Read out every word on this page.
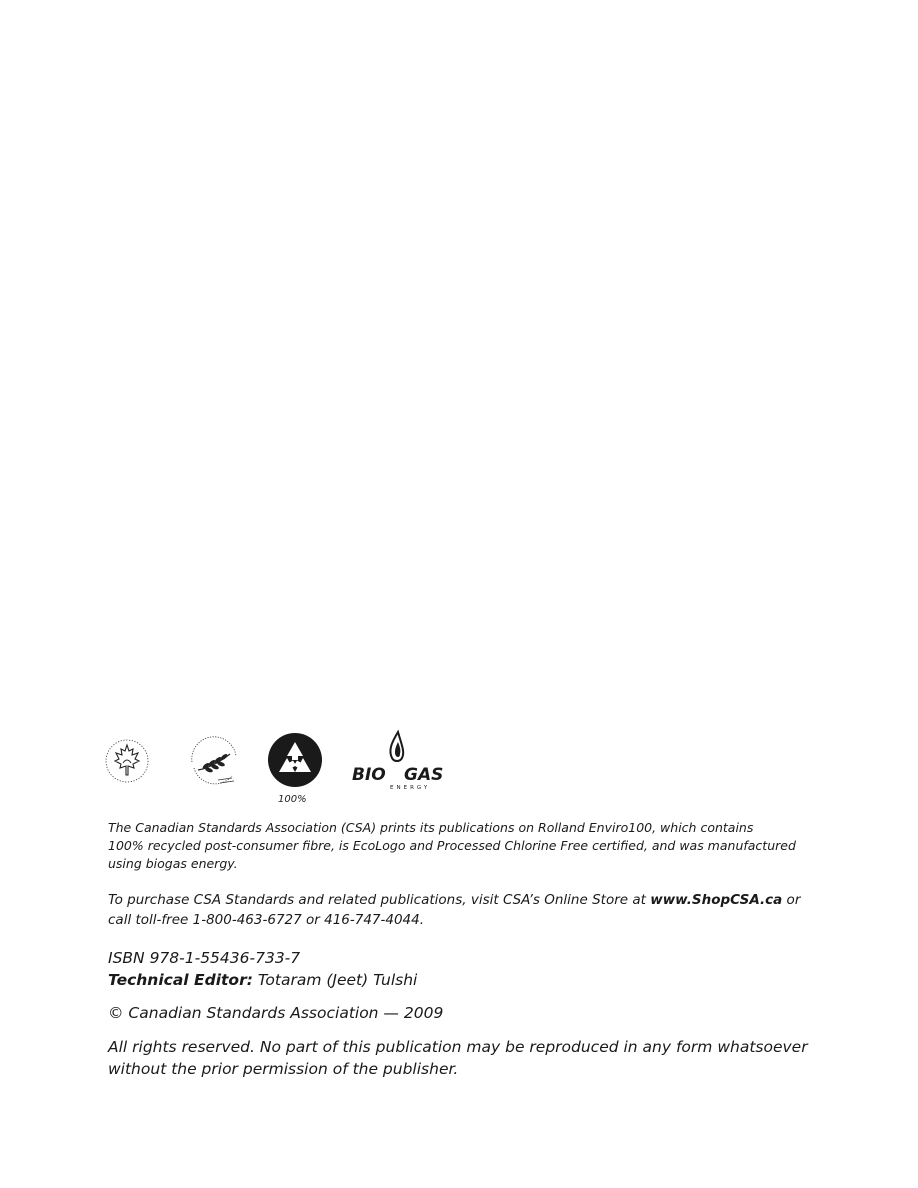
100%
BIO GAS
ENERGY

The Canadian Standards Association (CSA) prints its publications on Rolland Enviro100, which contains
100% recycled post-consumer fibre, is EcoLogo and Processed Chlorine Free certified, and was manufactured
using biogas energy.

To purchase CSA Standards and related publications, visit CSA’s Online Store at www.ShopCSA.ca or
call toll-free 1-800-463-6727 or 416-747-4044.

ISBN 978-1-55436-733-7
Technical Editor: Totaram (Jeet) Tulshi

© Canadian Standards Association — 2009

All rights reserved. No part of this publication may be reproduced in any form whatsoever
without the prior permission of the publisher.
